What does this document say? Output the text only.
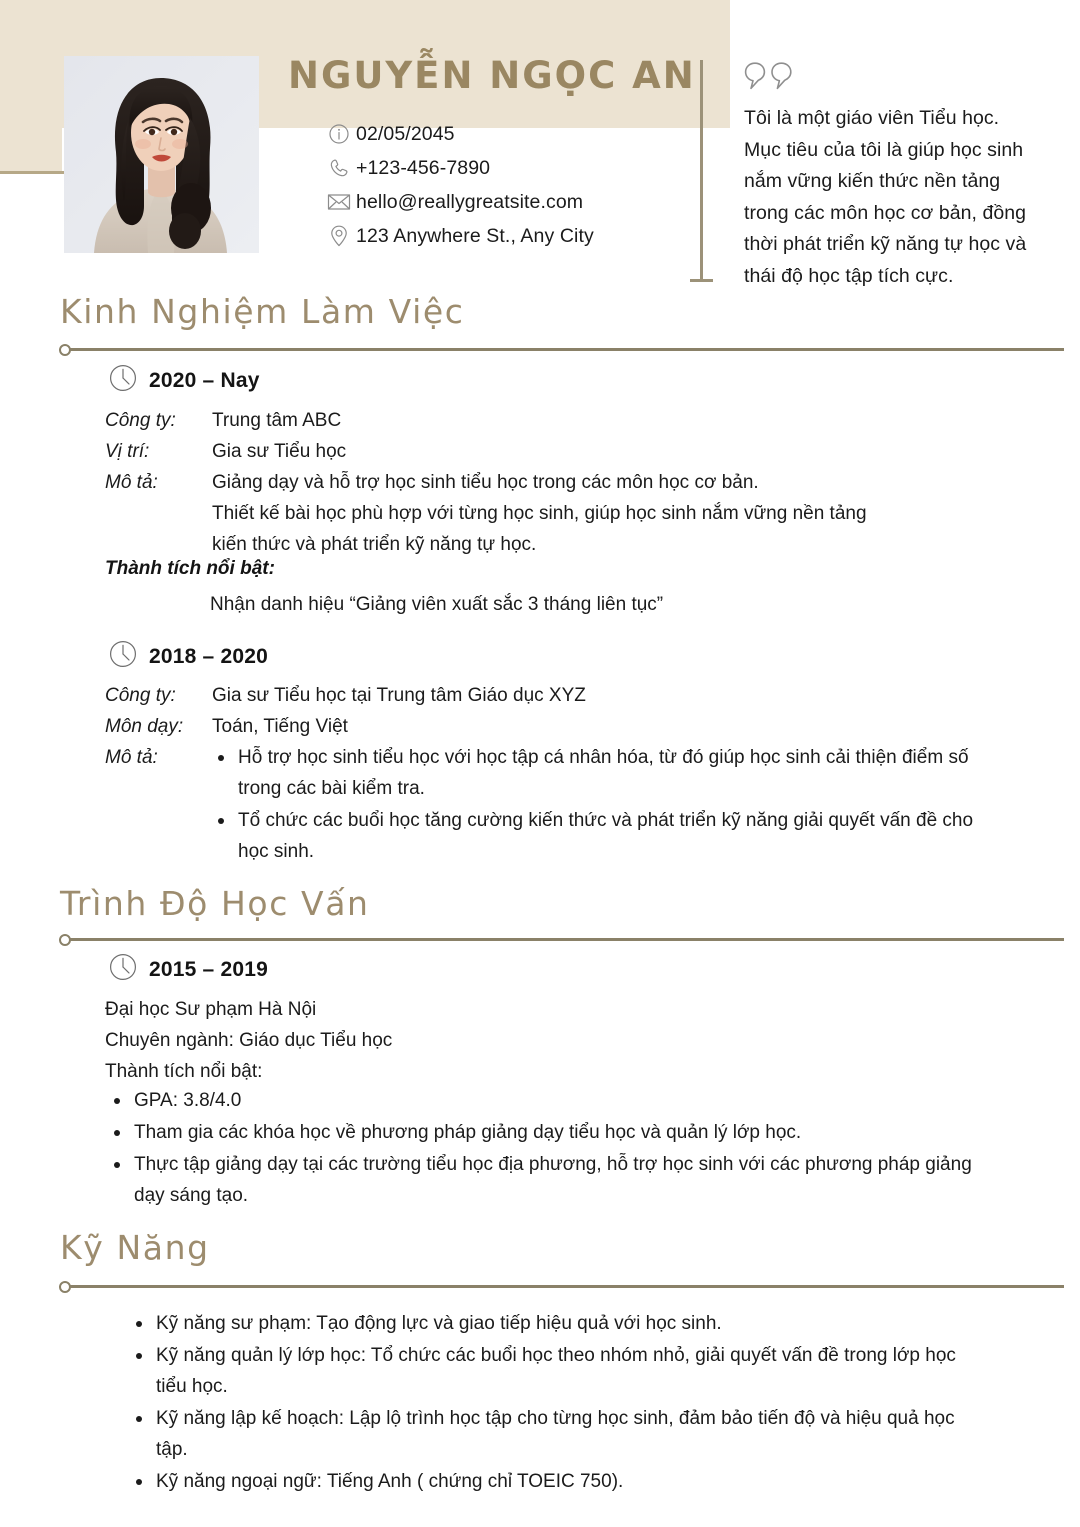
NGUYỄN NGỌC AN
02/05/2045
+123-456-7890
hello@reallygreatsite.com
123 Anywhere St., Any City
Tôi là một giáo viên Tiểu học. Mục tiêu của tôi là giúp học sinh nắm vững kiến thức nền tảng trong các môn học cơ bản, đồng thời phát triển kỹ năng tự học và thái độ học tập tích cực.
Kinh Nghiệm Làm Việc
2020 – Nay
Công ty:	Trung tâm ABC
Vị trí:	Gia sư Tiểu học
Mô tả:	Giảng dạy và hỗ trợ học sinh tiểu học trong các môn học cơ bản.
Thiết kế bài học phù hợp với từng học sinh, giúp học sinh nắm vững nền tảng
kiến thức và phát triển kỹ năng tự học.
Thành tích nổi bật:
Nhận danh hiệu “Giảng viên xuất sắc 3 tháng liên tục”
2018 – 2020
Công ty:	Gia sư Tiểu học tại Trung tâm Giáo dục XYZ
Môn dạy:	Toán, Tiếng Việt
Mô tả:	Hỗ trợ học sinh tiểu học với học tập cá nhân hóa, từ đó giúp học sinh cải thiện điểm số trong các bài kiểm tra.
Tổ chức các buổi học tăng cường kiến thức và phát triển kỹ năng giải quyết vấn đề cho học sinh.
Trình Độ Học Vấn
2015 – 2019
Đại học Sư phạm Hà Nội
Chuyên ngành: Giáo dục Tiểu học
Thành tích nổi bật:
GPA: 3.8/4.0
Tham gia các khóa học về phương pháp giảng dạy tiểu học và quản lý lớp học.
Thực tập giảng dạy tại các trường tiểu học địa phương, hỗ trợ học sinh với các phương pháp giảng dạy sáng tạo.
Kỹ Năng
Kỹ năng sư phạm: Tạo động lực và giao tiếp hiệu quả với học sinh.
Kỹ năng quản lý lớp học: Tổ chức các buổi học theo nhóm nhỏ, giải quyết vấn đề trong lớp học tiểu học.
Kỹ năng lập kế hoạch: Lập lộ trình học tập cho từng học sinh, đảm bảo tiến độ và hiệu quả học tập.
Kỹ năng ngoại ngữ: Tiếng Anh ( chứng chỉ TOEIC 750).
